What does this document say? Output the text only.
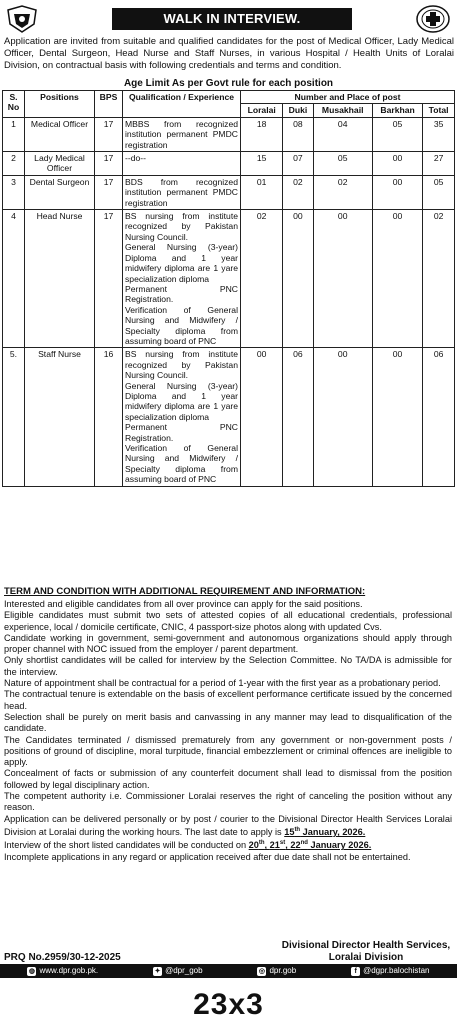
WALK IN INTERVIEW.
Application are invited from suitable and qualified candidates for the post of Medical Officer, Lady Medical Officer, Dental Surgeon, Head Nurse and Staff Nurses, in various Hospital / Health Units of Loralai Division, on contractual basis with following credentials and terms and condition.
Age Limit As per Govt rule for each position
S. No	Positions	BPS	Qualification / Experience	Number and Place of post				
				Loralai	Duki	Musakhail	Barkhan	Total
1	Medical Officer	17	MBBS from recognized institution permanent PMDC registration	18	08	04	05	35
2	Lady Medical Officer	17	--do--	15	07	05	00	27
3	Dental Surgeon	17	BDS from recognized institution permanent PMDC registration	01	02	02	00	05
4	Head Nurse	17	BS nursing from institute recognized by Pakistan Nursing Council.
General Nursing (3-year) Diploma and 1 year midwifery diploma are 1 yare specialization diploma
Permanent PNC Registration.
Verification of General Nursing and Midwifery / Specialty diploma from assuming board of PNC	02	00	00	00	02
5.	Staff Nurse	16	BS nursing from institute recognized by Pakistan Nursing Council.
General Nursing (3-year) Diploma and 1 year midwifery diploma are 1 yare specialization diploma
Permanent PNC Registration.
Verification of General Nursing and Midwifery / Specialty diploma from assuming board of PNC	00	06	00	00	06
TERM AND CONDITION WITH ADDITIONAL REQUIREMENT AND INFORMATION:

Interested and eligible candidates from all over province can apply for the said positions.

Eligible candidates must submit two sets of attested copies of all educational credentials, professional experience, local / domicile certificate, CNIC, 4 passport-size photos along with updated Cvs.

Candidate working in government, semi-government and autonomous organizations should apply through proper channel with NOC issued from the employer / parent department.

Only shortlist candidates will be called for interview by the Selection Committee. No TA/DA is admissible for the interview.

Nature of appointment shall be contractual for a period of 1-year with the first year as a probationary period.

The contractual tenure is extendable on the basis of excellent performance certificate issued by the concerned head.

Selection shall be purely on merit basis and canvassing in any manner may lead to disqualification of the candidate.

The Candidates terminated / dismissed prematurely from any government or non-government posts / positions of ground of discipline, moral turpitude, financial embezzlement or criminal offences are ineligible to apply.

Concealment of facts or submission of any counterfeit document shall lead to dismissal from the position followed by legal disciplinary action.

The competent authority i.e. Commissioner Loralai reserves the right of canceling the position without any reason.

Application can be delivered personally or by post / courier to the Divisional Director Health Services Loralai Division at Loralai during the working hours. The last date to apply is 15th January, 2026.

Interview of the short listed candidates will be conducted on 20th, 21st, 22nd January 2026.

Incomplete applications in any regard or application received after due date shall not be entertained.

PRQ No.2959/30-12-2025
Divisional Director Health Services,
Loralai Division
◍ www.dpr.gob.pk.	✦ @dpr_gob	◎ dpr.gob	f @dgpr.balochistan
23x3
